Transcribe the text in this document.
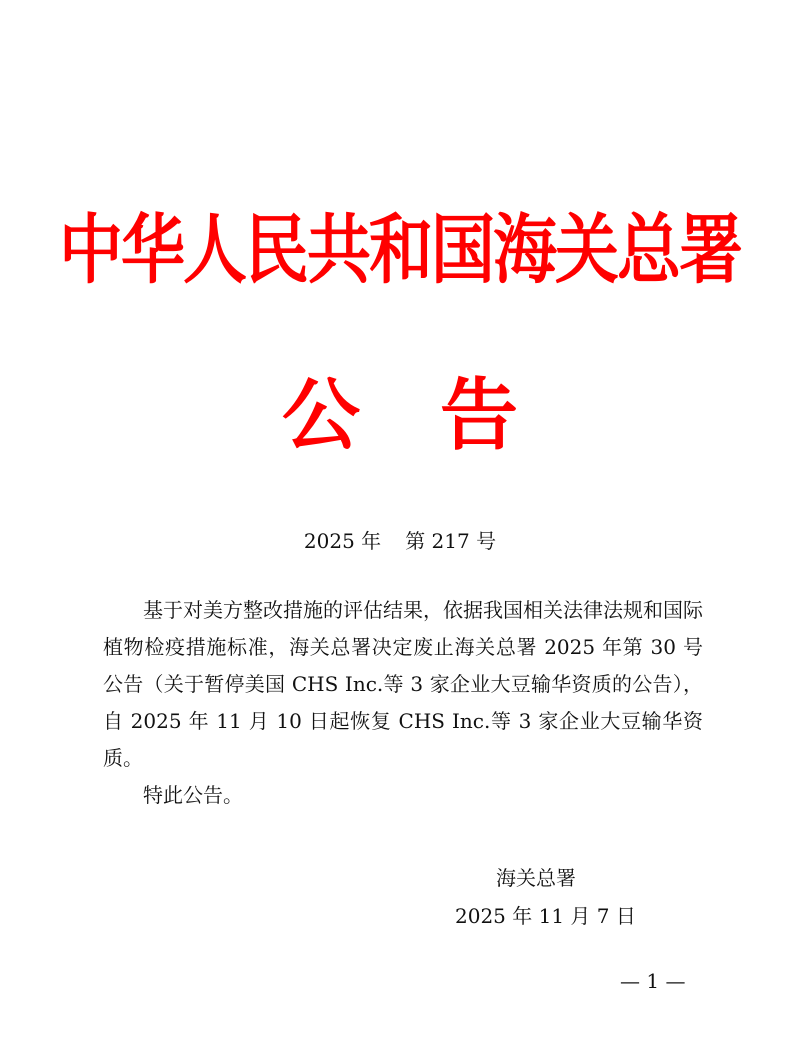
中华人民共和国海关总署
公告
2025 年 第 217 号

基于对美方整改措施的评估结果，依据我国相关法律法规和国际植物检疫措施标准，海关总署决定废止海关总署 2025 年第 30 号公告（关于暂停美国 CHS Inc.等 3 家企业大豆输华资质的公告），自 2025 年 11 月 10 日起恢复 CHS Inc.等 3 家企业大豆输华资质。

特此公告。

海关总署
2025 年 11 月 7 日
— 1 —
